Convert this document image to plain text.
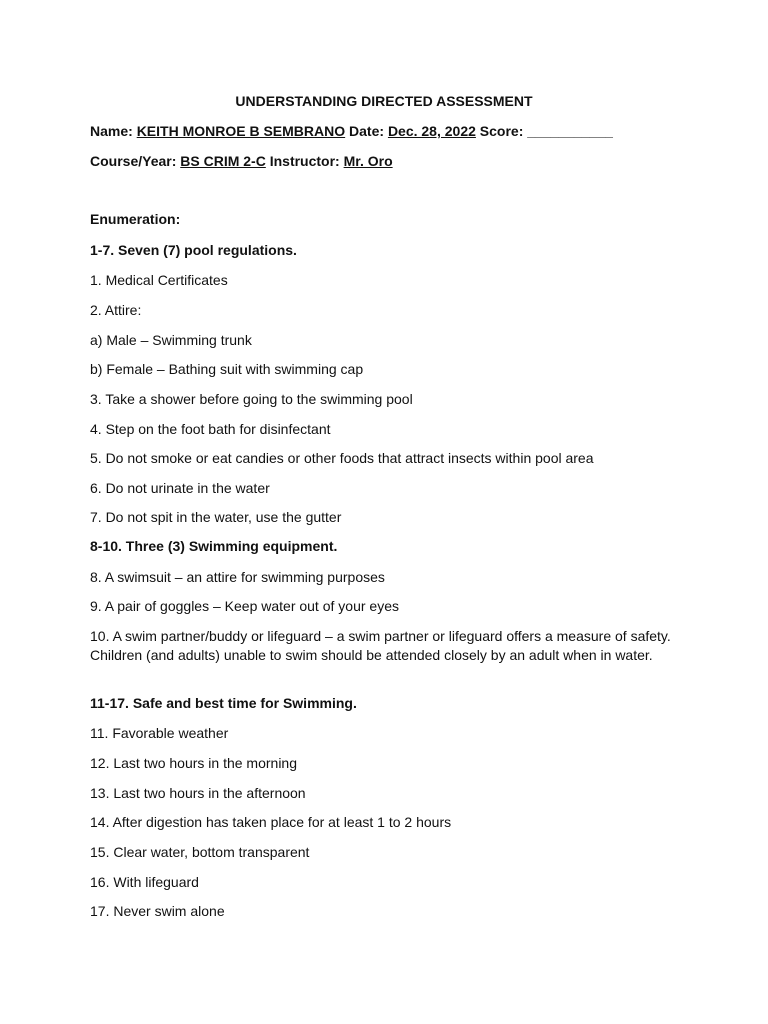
UNDERSTANDING DIRECTED ASSESSMENT
Name: KEITH MONROE B SEMBRANO Date: Dec. 28, 2022 Score: ___________
Course/Year: BS CRIM 2-C Instructor: Mr. Oro
Enumeration:
1-7. Seven (7) pool regulations.
1. Medical Certificates
2. Attire:
a) Male – Swimming trunk
b) Female – Bathing suit with swimming cap
3. Take a shower before going to the swimming pool
4. Step on the foot bath for disinfectant
5. Do not smoke or eat candies or other foods that attract insects within pool area
6. Do not urinate in the water
7. Do not spit in the water, use the gutter
8-10. Three (3) Swimming equipment.
8. A swimsuit – an attire for swimming purposes
9. A pair of goggles – Keep water out of your eyes
10. A swim partner/buddy or lifeguard – a swim partner or lifeguard offers a measure of safety. Children (and adults) unable to swim should be attended closely by an adult when in water.
11-17. Safe and best time for Swimming.
11. Favorable weather
12. Last two hours in the morning
13. Last two hours in the afternoon
14. After digestion has taken place for at least 1 to 2 hours
15. Clear water, bottom transparent
16. With lifeguard
17. Never swim alone
